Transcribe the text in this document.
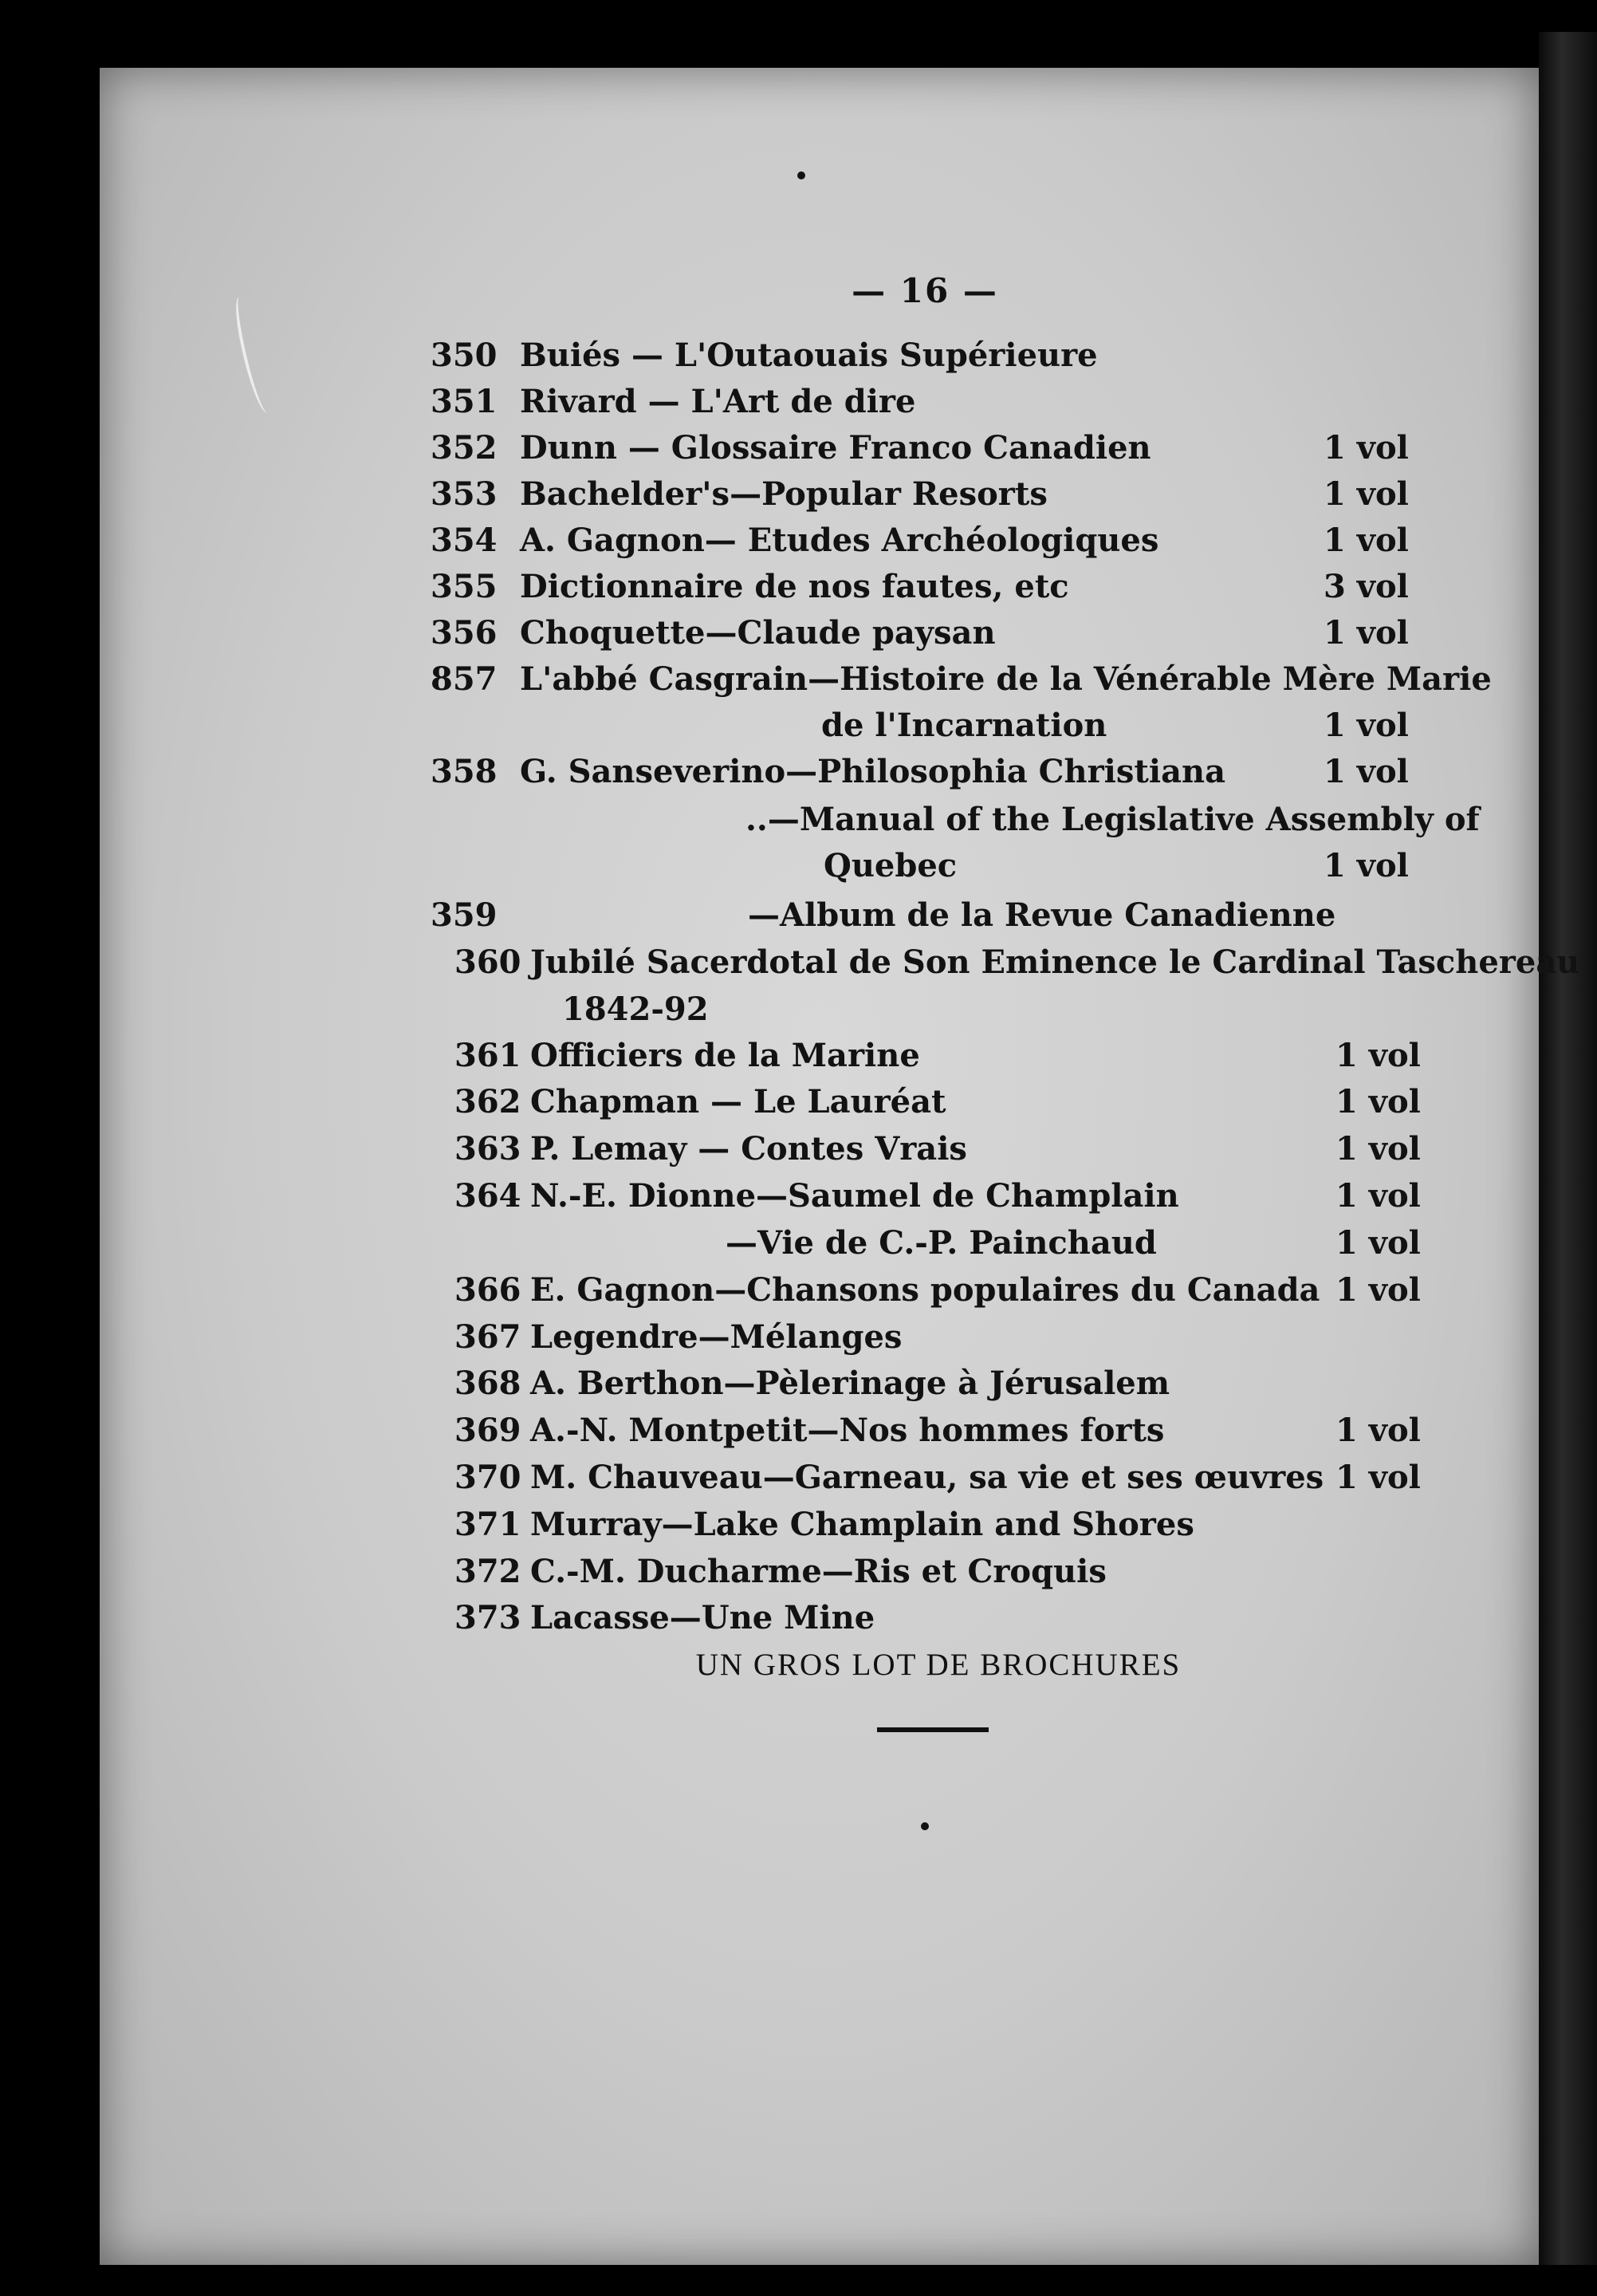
— 16 —
350 Buiés — L'Outaouais Supérieure
351 Rivard — L'Art de dire
352 Dunn — Glossaire Franco Canadien	1 vol
353 Bachelder's—Popular Resorts	1 vol
354 A. Gagnon— Etudes Archéologiques	1 vol
355 Dictionnaire de nos fautes, etc	3 vol
356 Choquette—Claude paysan	1 vol
857 L'abbé Casgrain—Histoire de la Vénérable Mère Marie
de l'Incarnation	1 vol
358 G. Sanseverino—Philosophia Christiana	1 vol
..—Manual of the Legislative Assembly of
Quebec	1 vol
359	—Album de la Revue Canadienne
360 Jubilé Sacerdotal de Son Eminence le Cardinal Taschereau
1842-92
361 Officiers de la Marine	1 vol
362 Chapman — Le Lauréat	1 vol
363 P. Lemay — Contes Vrais	1 vol
364 N.-E. Dionne—Saumel de Champlain	1 vol
—Vie de C.-P. Painchaud	1 vol
366 E. Gagnon—Chansons populaires du Canada 1 vol
367 Legendre—Mélanges
368 A. Berthon—Pèlerinage à Jérusalem
369 A.-N. Montpetit—Nos hommes forts	1 vol
370 M. Chauveau—Garneau, sa vie et ses œuvres 1 vol
371 Murray—Lake Champlain and Shores
372 C.-M. Ducharme—Ris et Croquis
373 Lacasse—Une Mine
UN GROS LOT DE BROCHURES
